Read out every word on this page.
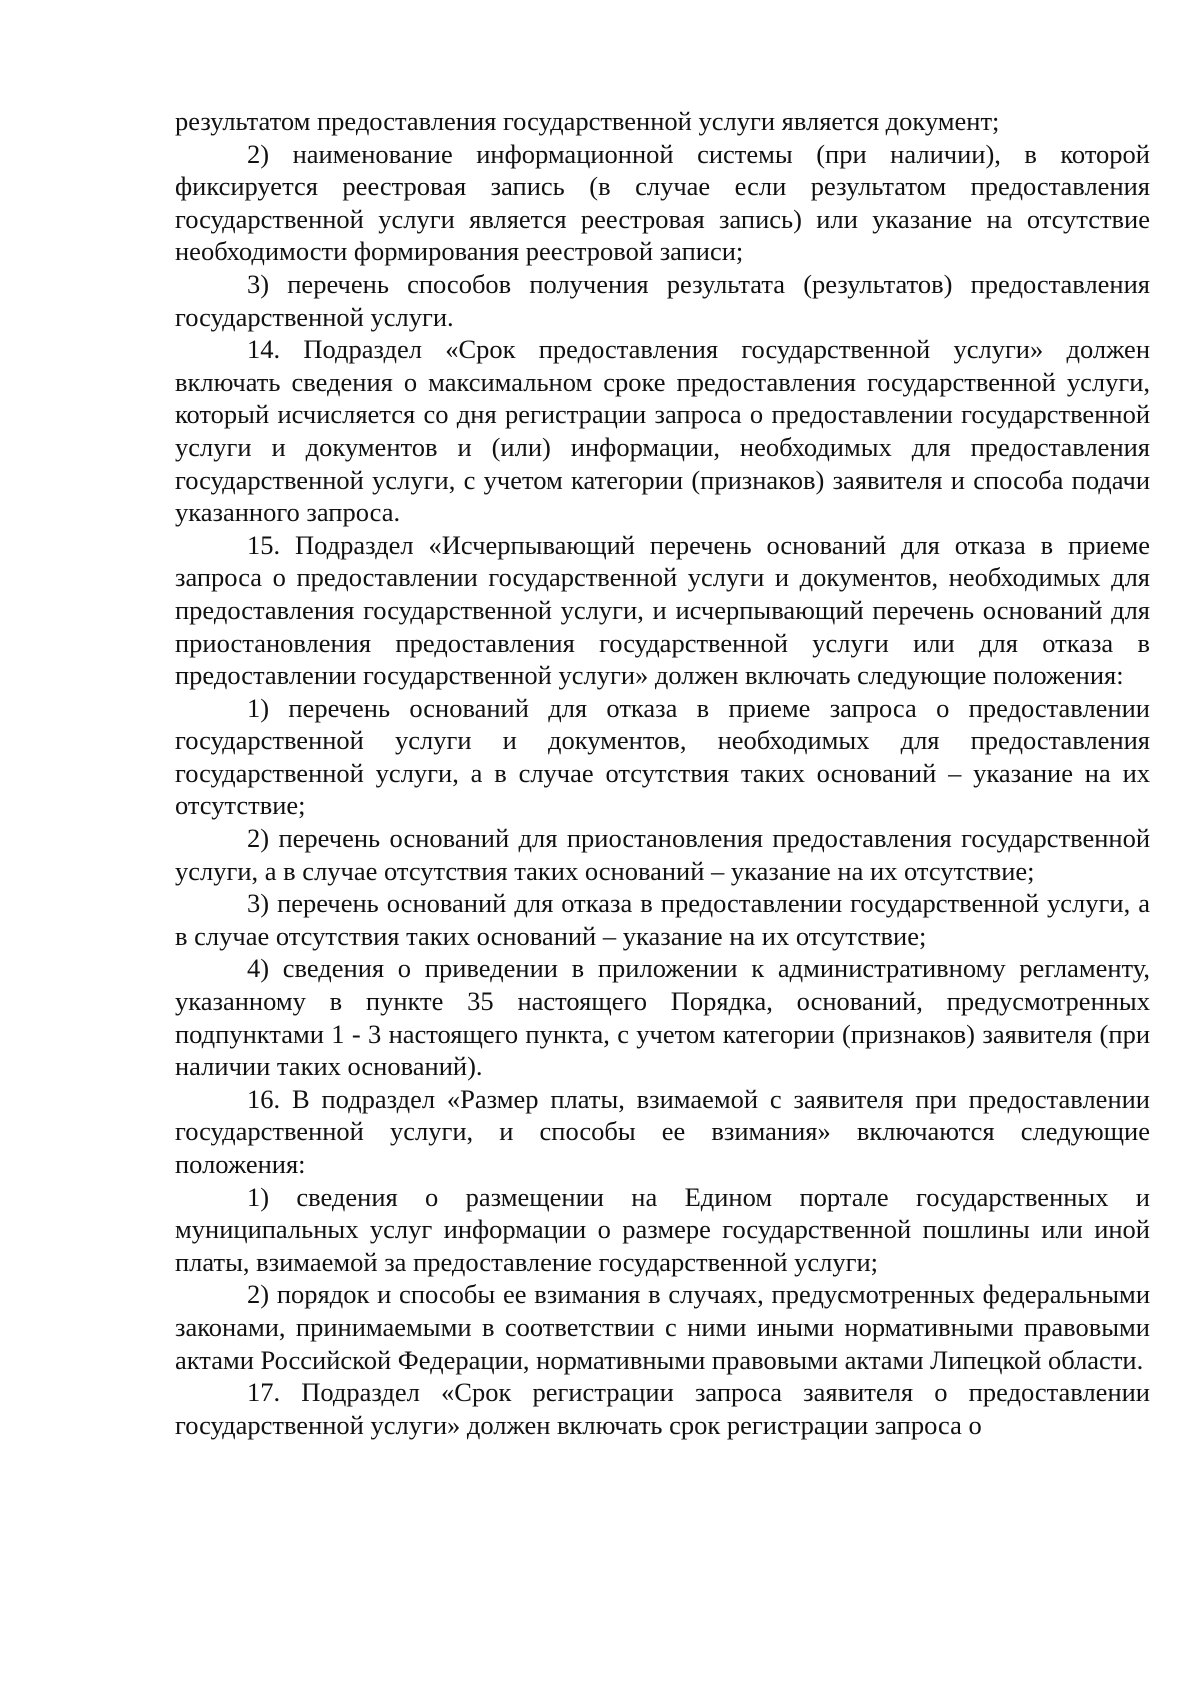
результатом предоставления государственной услуги является документ;

2) наименование информационной системы (при наличии), в которой фиксируется реестровая запись (в случае если результатом предоставления государственной услуги является реестровая запись) или указание на отсутствие необходимости формирования реестровой записи;

3) перечень способов получения результата (результатов) предоставления государственной услуги.

14. Подраздел «Срок предоставления государственной услуги» должен включать сведения о максимальном сроке предоставления государственной услуги, который исчисляется со дня регистрации запроса о предоставлении государственной услуги и документов и (или) информации, необходимых для предоставления государственной услуги, с учетом категории (признаков) заявителя и способа подачи указанного запроса.

15. Подраздел «Исчерпывающий перечень оснований для отказа в приеме запроса о предоставлении государственной услуги и документов, необходимых для предоставления государственной услуги, и исчерпывающий перечень оснований для приостановления предоставления государственной услуги или для отказа в предоставлении государственной услуги» должен включать следующие положения:

1) перечень оснований для отказа в приеме запроса о предоставлении государственной услуги и документов, необходимых для предоставления государственной услуги, а в случае отсутствия таких оснований – указание на их отсутствие;

2) перечень оснований для приостановления предоставления государственной услуги, а в случае отсутствия таких оснований – указание на их отсутствие;

3) перечень оснований для отказа в предоставлении государственной услуги, а в случае отсутствия таких оснований – указание на их отсутствие;

4) сведения о приведении в приложении к административному регламенту, указанному в пункте 35 настоящего Порядка, оснований, предусмотренных подпунктами 1 - 3 настоящего пункта, с учетом категории (признаков) заявителя (при наличии таких оснований).

16. В подраздел «Размер платы, взимаемой с заявителя при предоставлении государственной услуги, и способы ее взимания» включаются следующие положения:

1) сведения о размещении на Едином портале государственных и муниципальных услуг информации о размере государственной пошлины или иной платы, взимаемой за предоставление государственной услуги;

2) порядок и способы ее взимания в случаях, предусмотренных федеральными законами, принимаемыми в соответствии с ними иными нормативными правовыми актами Российской Федерации, нормативными правовыми актами Липецкой области.

17. Подраздел «Срок регистрации запроса заявителя о предоставлении государственной услуги» должен включать срок регистрации запроса о
